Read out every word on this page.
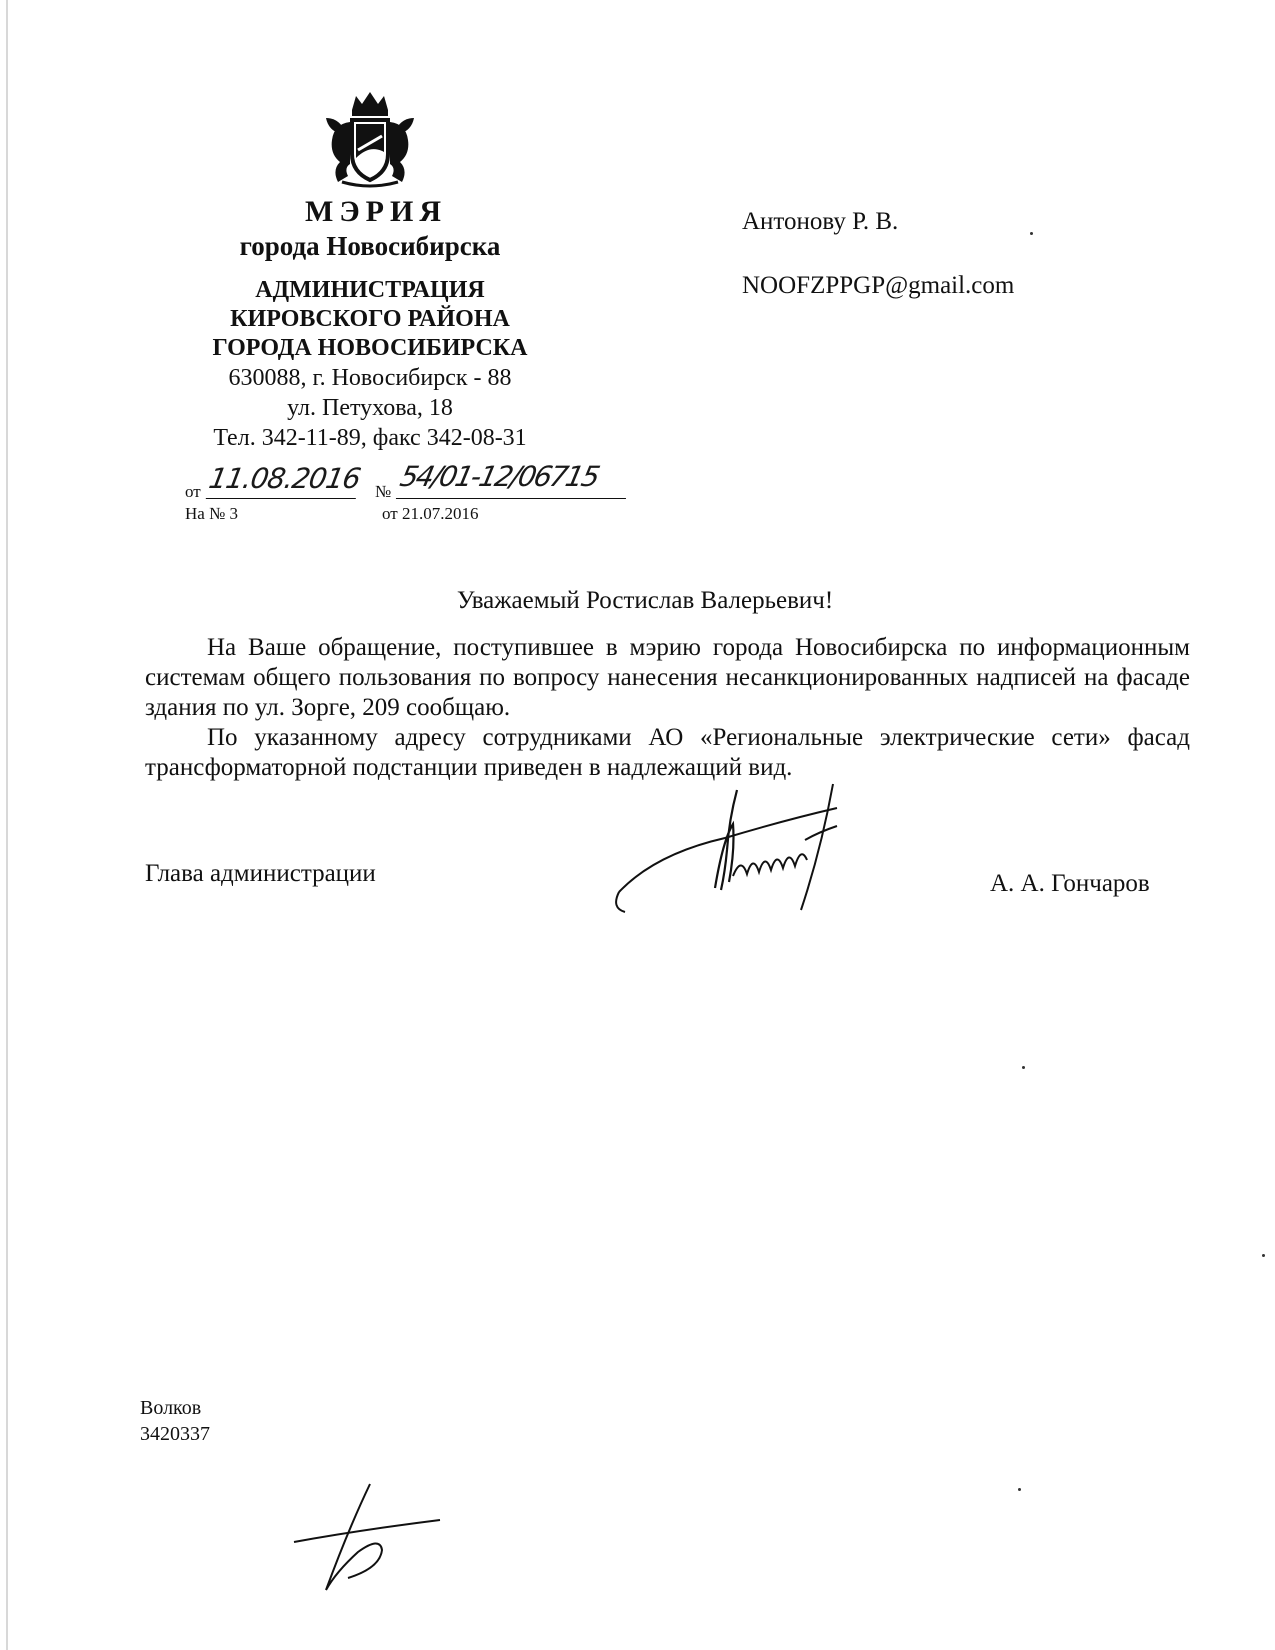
МЭРИЯ
города Новосибирска
АДМИНИСТРАЦИЯ
КИРОВСКОГО РАЙОНА
ГОРОДА НОВОСИБИРСКА
630088, г. Новосибирск - 88
ул. Петухова, 18
Тел. 342-11-89, факс 342-08-31
от 11.08.2016 № 54/01-12/06715
На № 3	от 21.07.2016
Антонову Р. В.
NOOFZPPGP@gmail.com
Уважаемый Ростислав Валерьевич!

На Ваше обращение, поступившее в мэрию города Новосибирска по информационным системам общего пользования по вопросу нанесения несанкционированных надписей на фасаде здания по ул. Зорге, 209 сообщаю.

По указанному адресу сотрудниками АО «Региональные электрические сети» фасад трансформаторной подстанции приведен в надлежащий вид.

Глава администрации	А. А. Гончаров
Волков
3420337
